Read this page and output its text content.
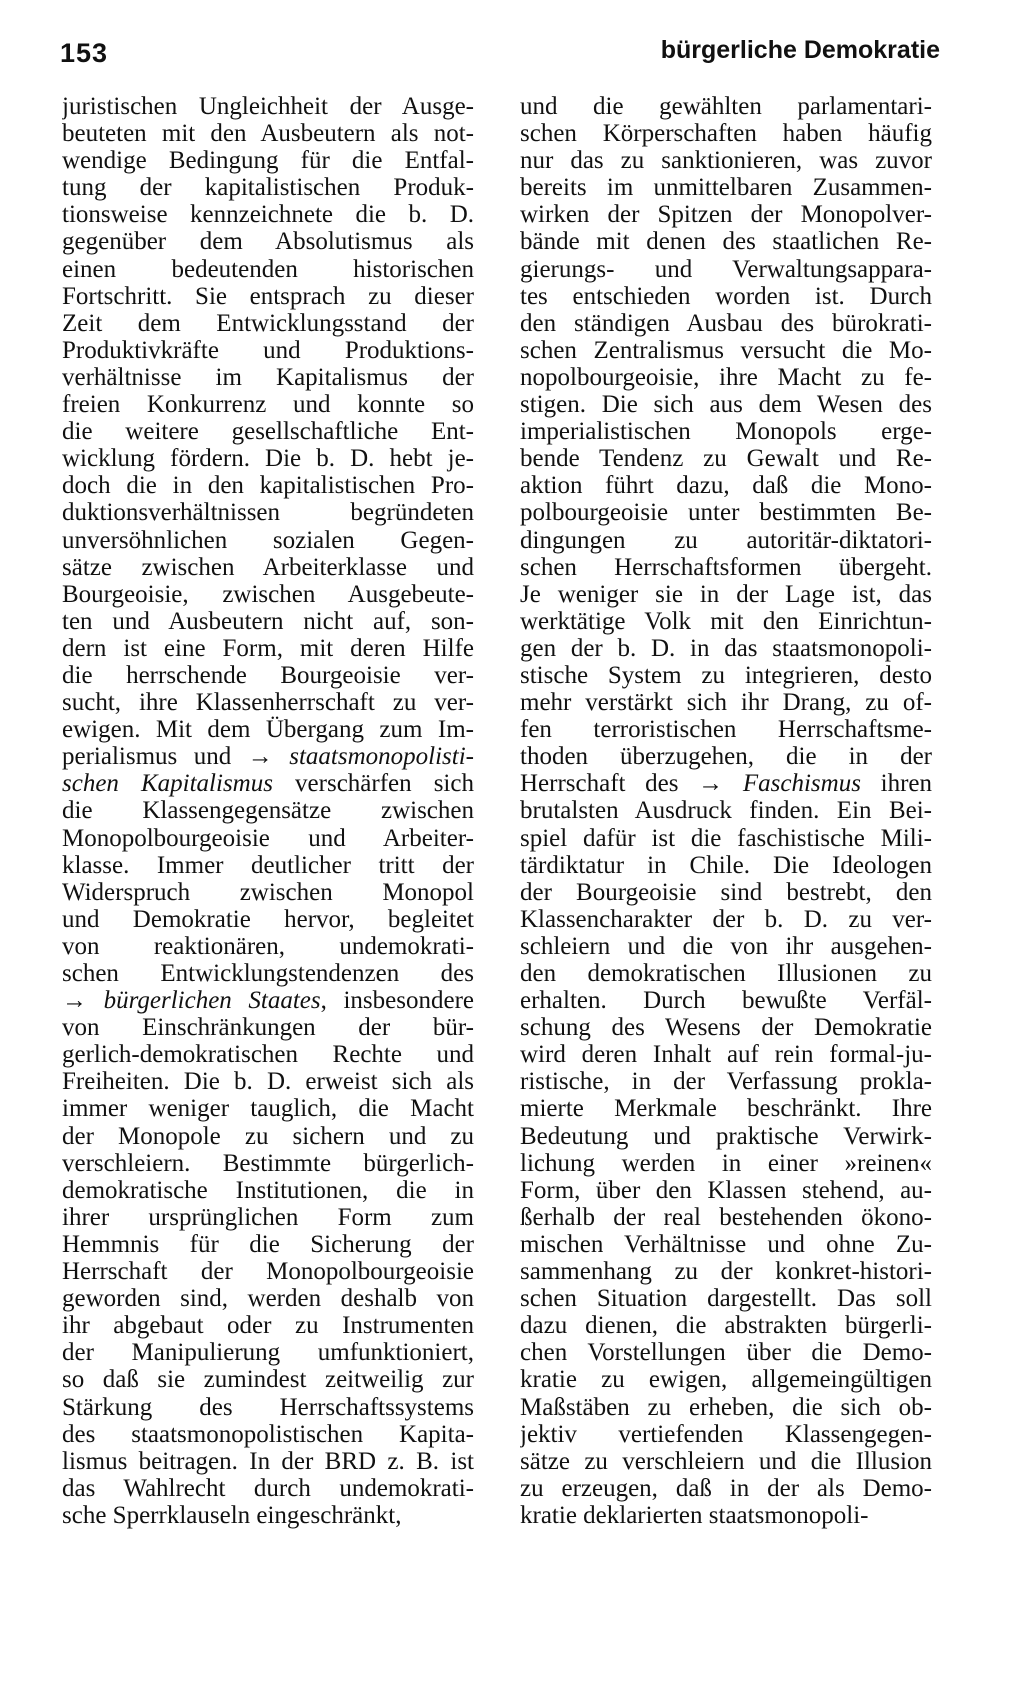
153	bürgerliche Demokratie
juristischen Ungleichheit der Ausge-
beuteten mit den Ausbeutern als not-
wendige Bedingung für die Entfal-
tung der kapitalistischen Produk-
tionsweise kennzeichnete die b. D.
gegenüber dem Absolutismus als
einen bedeutenden historischen
Fortschritt. Sie entsprach zu dieser
Zeit dem Entwicklungsstand der
Produktivkräfte und Produktions-
verhältnisse im Kapitalismus der
freien Konkurrenz und konnte so
die weitere gesellschaftliche Ent-
wicklung fördern. Die b. D. hebt je-
doch die in den kapitalistischen Pro-
duktionsverhältnissen begründeten
unversöhnlichen sozialen Gegen-
sätze zwischen Arbeiterklasse und
Bourgeoisie, zwischen Ausgebeute-
ten und Ausbeutern nicht auf, son-
dern ist eine Form, mit deren Hilfe
die herrschende Bourgeoisie ver-
sucht, ihre Klassenherrschaft zu ver-
ewigen. Mit dem Übergang zum Im-
perialismus und → staatsmonopolisti-
schen Kapitalismus verschärfen sich
die Klassengegensätze zwischen
Monopolbourgeoisie und Arbeiter-
klasse. Immer deutlicher tritt der
Widerspruch zwischen Monopol
und Demokratie hervor, begleitet
von reaktionären, undemokrati-
schen Entwicklungstendenzen des
→ bürgerlichen Staates, insbesondere
von Einschränkungen der bür-
gerlich-demokratischen Rechte und
Freiheiten. Die b. D. erweist sich als
immer weniger tauglich, die Macht
der Monopole zu sichern und zu
verschleiern. Bestimmte bürgerlich-
demokratische Institutionen, die in
ihrer ursprünglichen Form zum
Hemmnis für die Sicherung der
Herrschaft der Monopolbourgeoisie
geworden sind, werden deshalb von
ihr abgebaut oder zu Instrumenten
der Manipulierung umfunktioniert,
so daß sie zumindest zeitweilig zur
Stärkung des Herrschaftssystems
des staatsmonopolistischen Kapita-
lismus beitragen. In der BRD z. B. ist
das Wahlrecht durch undemokrati-
sche Sperrklauseln eingeschränkt,
und die gewählten parlamentari-
schen Körperschaften haben häufig
nur das zu sanktionieren, was zuvor
bereits im unmittelbaren Zusammen-
wirken der Spitzen der Monopolver-
bände mit denen des staatlichen Re-
gierungs- und Verwaltungsappara-
tes entschieden worden ist. Durch
den ständigen Ausbau des bürokrati-
schen Zentralismus versucht die Mo-
nopolbourgeoisie, ihre Macht zu fe-
stigen. Die sich aus dem Wesen des
imperialistischen Monopols erge-
bende Tendenz zu Gewalt und Re-
aktion führt dazu, daß die Mono-
polbourgeoisie unter bestimmten Be-
dingungen zu autoritär-diktatori-
schen Herrschaftsformen übergeht.
Je weniger sie in der Lage ist, das
werktätige Volk mit den Einrichtun-
gen der b. D. in das staatsmonopoli-
stische System zu integrieren, desto
mehr verstärkt sich ihr Drang, zu of-
fen terroristischen Herrschaftsme-
thoden überzugehen, die in der
Herrschaft des → Faschismus ihren
brutalsten Ausdruck finden. Ein Bei-
spiel dafür ist die faschistische Mili-
tärdiktatur in Chile. Die Ideologen
der Bourgeoisie sind bestrebt, den
Klassencharakter der b. D. zu ver-
schleiern und die von ihr ausgehen-
den demokratischen Illusionen zu
erhalten. Durch bewußte Verfäl-
schung des Wesens der Demokratie
wird deren Inhalt auf rein formal-ju-
ristische, in der Verfassung prokla-
mierte Merkmale beschränkt. Ihre
Bedeutung und praktische Verwirk-
lichung werden in einer »reinen«
Form, über den Klassen stehend, au-
ßerhalb der real bestehenden ökono-
mischen Verhältnisse und ohne Zu-
sammenhang zu der konkret-histori-
schen Situation dargestellt. Das soll
dazu dienen, die abstrakten bürgerli-
chen Vorstellungen über die Demo-
kratie zu ewigen, allgemeingültigen
Maßstäben zu erheben, die sich ob-
jektiv vertiefenden Klassengegen-
sätze zu verschleiern und die Illusion
zu erzeugen, daß in der als Demo-
kratie deklarierten staatsmonopoli-
